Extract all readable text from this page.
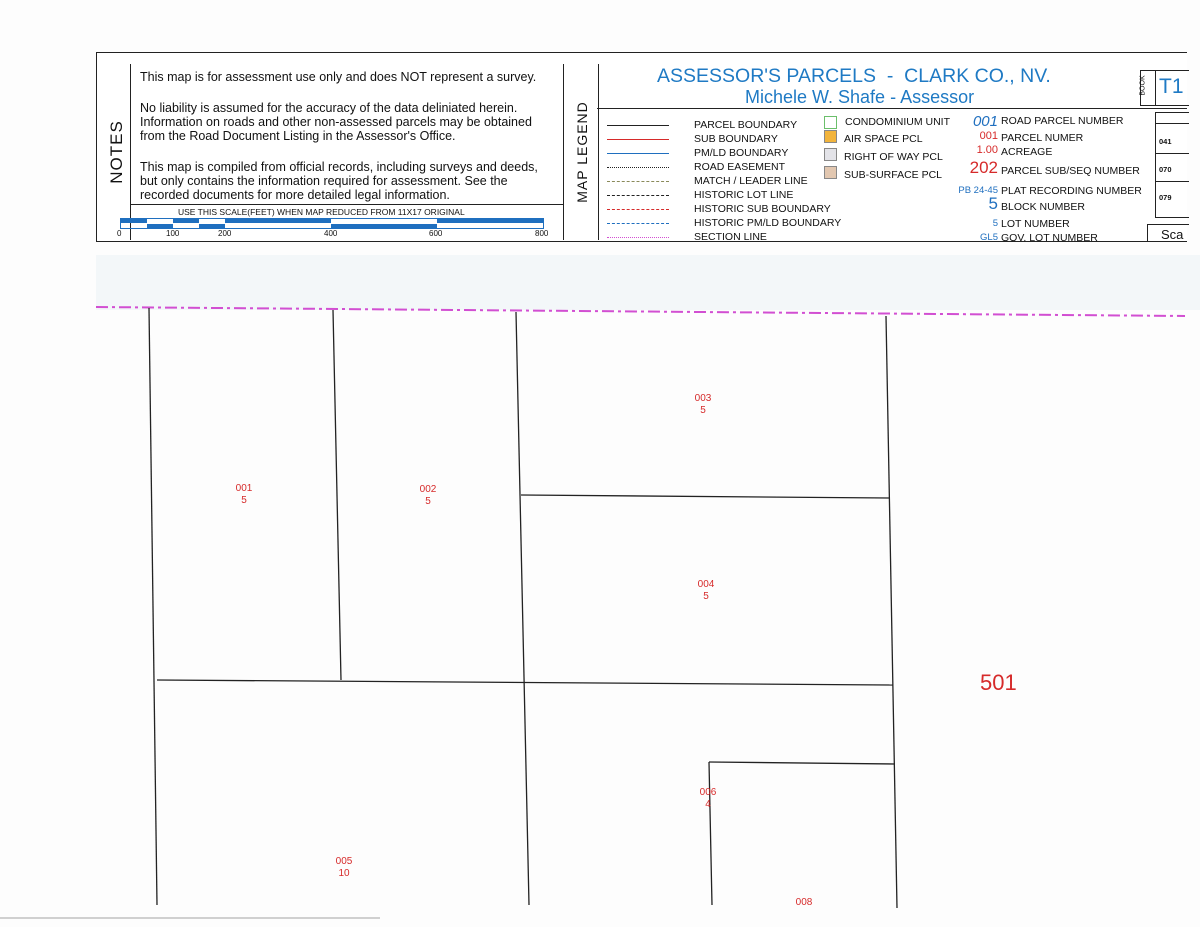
NOTES
This map is for assessment use only and does NOT represent a survey.
No liability is assumed for the accuracy of the data deliniated herein. Information on roads and other non-assessed parcels may be obtained from the Road Document Listing in the Assessor's Office.
This map is compiled from official records, including surveys and deeds, but only contains the information required for assessment. See the recorded documents for more detailed legal information.
USE THIS SCALE(FEET) WHEN MAP REDUCED FROM 11X17 ORIGINAL
0	100	200	400	600	800
MAP LEGEND
ASSESSOR'S PARCELS  -  CLARK CO., NV.
Michele W. Shafe - Assessor
BOOK T1
041
070
079
Sca
PARCEL BOUNDARY
SUB BOUNDARY
PM/LD BOUNDARY
ROAD EASEMENT
MATCH / LEADER LINE
HISTORIC LOT LINE
HISTORIC SUB BOUNDARY
HISTORIC PM/LD BOUNDARY
SECTION LINE
CONDOMINIUM UNIT
AIR SPACE PCL
RIGHT OF WAY PCL
SUB-SURFACE PCL
001 ROAD PARCEL NUMBER
001 PARCEL NUMER
1.00 ACREAGE
202 PARCEL SUB/SEQ NUMBER
PB 24-45 PLAT RECORDING NUMBER
5 BLOCK NUMBER
5 LOT NUMBER
GL5 GOV. LOT NUMBER
001
5
002
5
003
5
004
5
005
10
006
4
008
501
